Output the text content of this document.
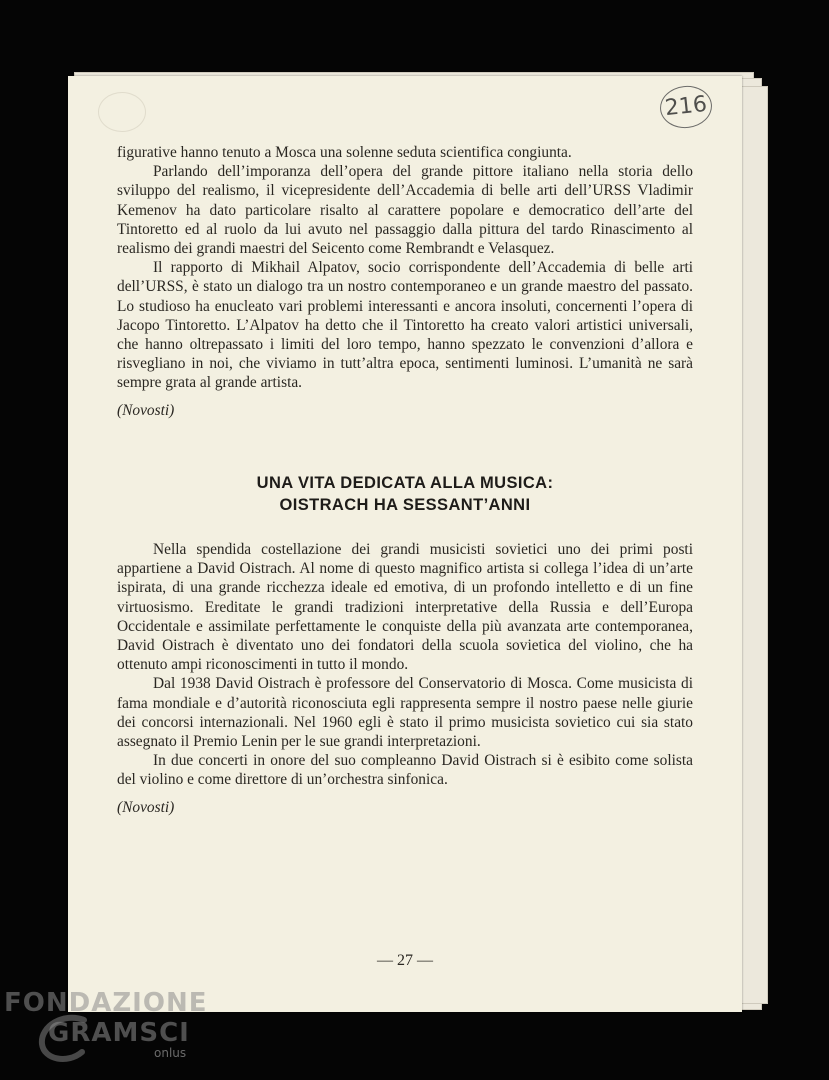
216

figurative hanno tenuto a Mosca una solenne seduta scientifica congiunta.

Parlando dell’imporanza dell’opera del grande pittore italiano nella storia dello sviluppo del realismo, il vicepresidente dell’Accademia di belle arti dell’URSS Vladimir Kemenov ha dato particolare risalto al carattere popolare e democratico dell’arte del Tintoretto ed al ruolo da lui avuto nel passaggio dalla pittura del tardo Rinascimento al realismo dei grandi maestri del Seicento come Rembrandt e Velasquez.

Il rapporto di Mikhail Alpatov, socio corrispondente dell’Accademia di belle arti dell’URSS, è stato un dialogo tra un nostro contemporaneo e un grande maestro del passato. Lo studioso ha enucleato vari problemi interessanti e ancora insoluti, concernenti l’opera di Jacopo Tintoretto. L’Alpatov ha detto che il Tintoretto ha creato valori artistici universali, che hanno oltrepassato i limiti del loro tempo, hanno spezzato le convenzioni d’allora e risvegliano in noi, che viviamo in tutt’altra epoca, sentimenti luminosi. L’umanità ne sarà sempre grata al grande artista.

(Novosti)

UNA VITA DEDICATA ALLA MUSICA:
OISTRACH HA SESSANT’ANNI

Nella spendida costellazione dei grandi musicisti sovietici uno dei primi posti appartiene a David Oistrach. Al nome di questo magnifico artista si collega l’idea di un’arte ispirata, di una grande ricchezza ideale ed emotiva, di un profondo intelletto e di un fine virtuosismo. Ereditate le grandi tradizioni interpretative della Russia e dell’Europa Occidentale e assimilate perfettamente le conquiste della più avanzata arte contemporanea, David Oistrach è diventato uno dei fondatori della scuola sovietica del violino, che ha ottenuto ampi riconoscimenti in tutto il mondo.

Dal 1938 David Oistrach è professore del Conservatorio di Mosca. Come musicista di fama mondiale e d’autorità riconosciuta egli rappresenta sempre il nostro paese nelle giurie dei concorsi internazionali. Nel 1960 egli è stato il primo musicista sovietico cui sia stato assegnato il Premio Lenin per le sue grandi interpretazioni.

In due concerti in onore del suo compleanno David Oistrach si è esibito come solista del violino e come direttore di un’orchestra sinfonica.

(Novosti)

— 27 —
FONDAZIONE
GRAMSCI
onlus
